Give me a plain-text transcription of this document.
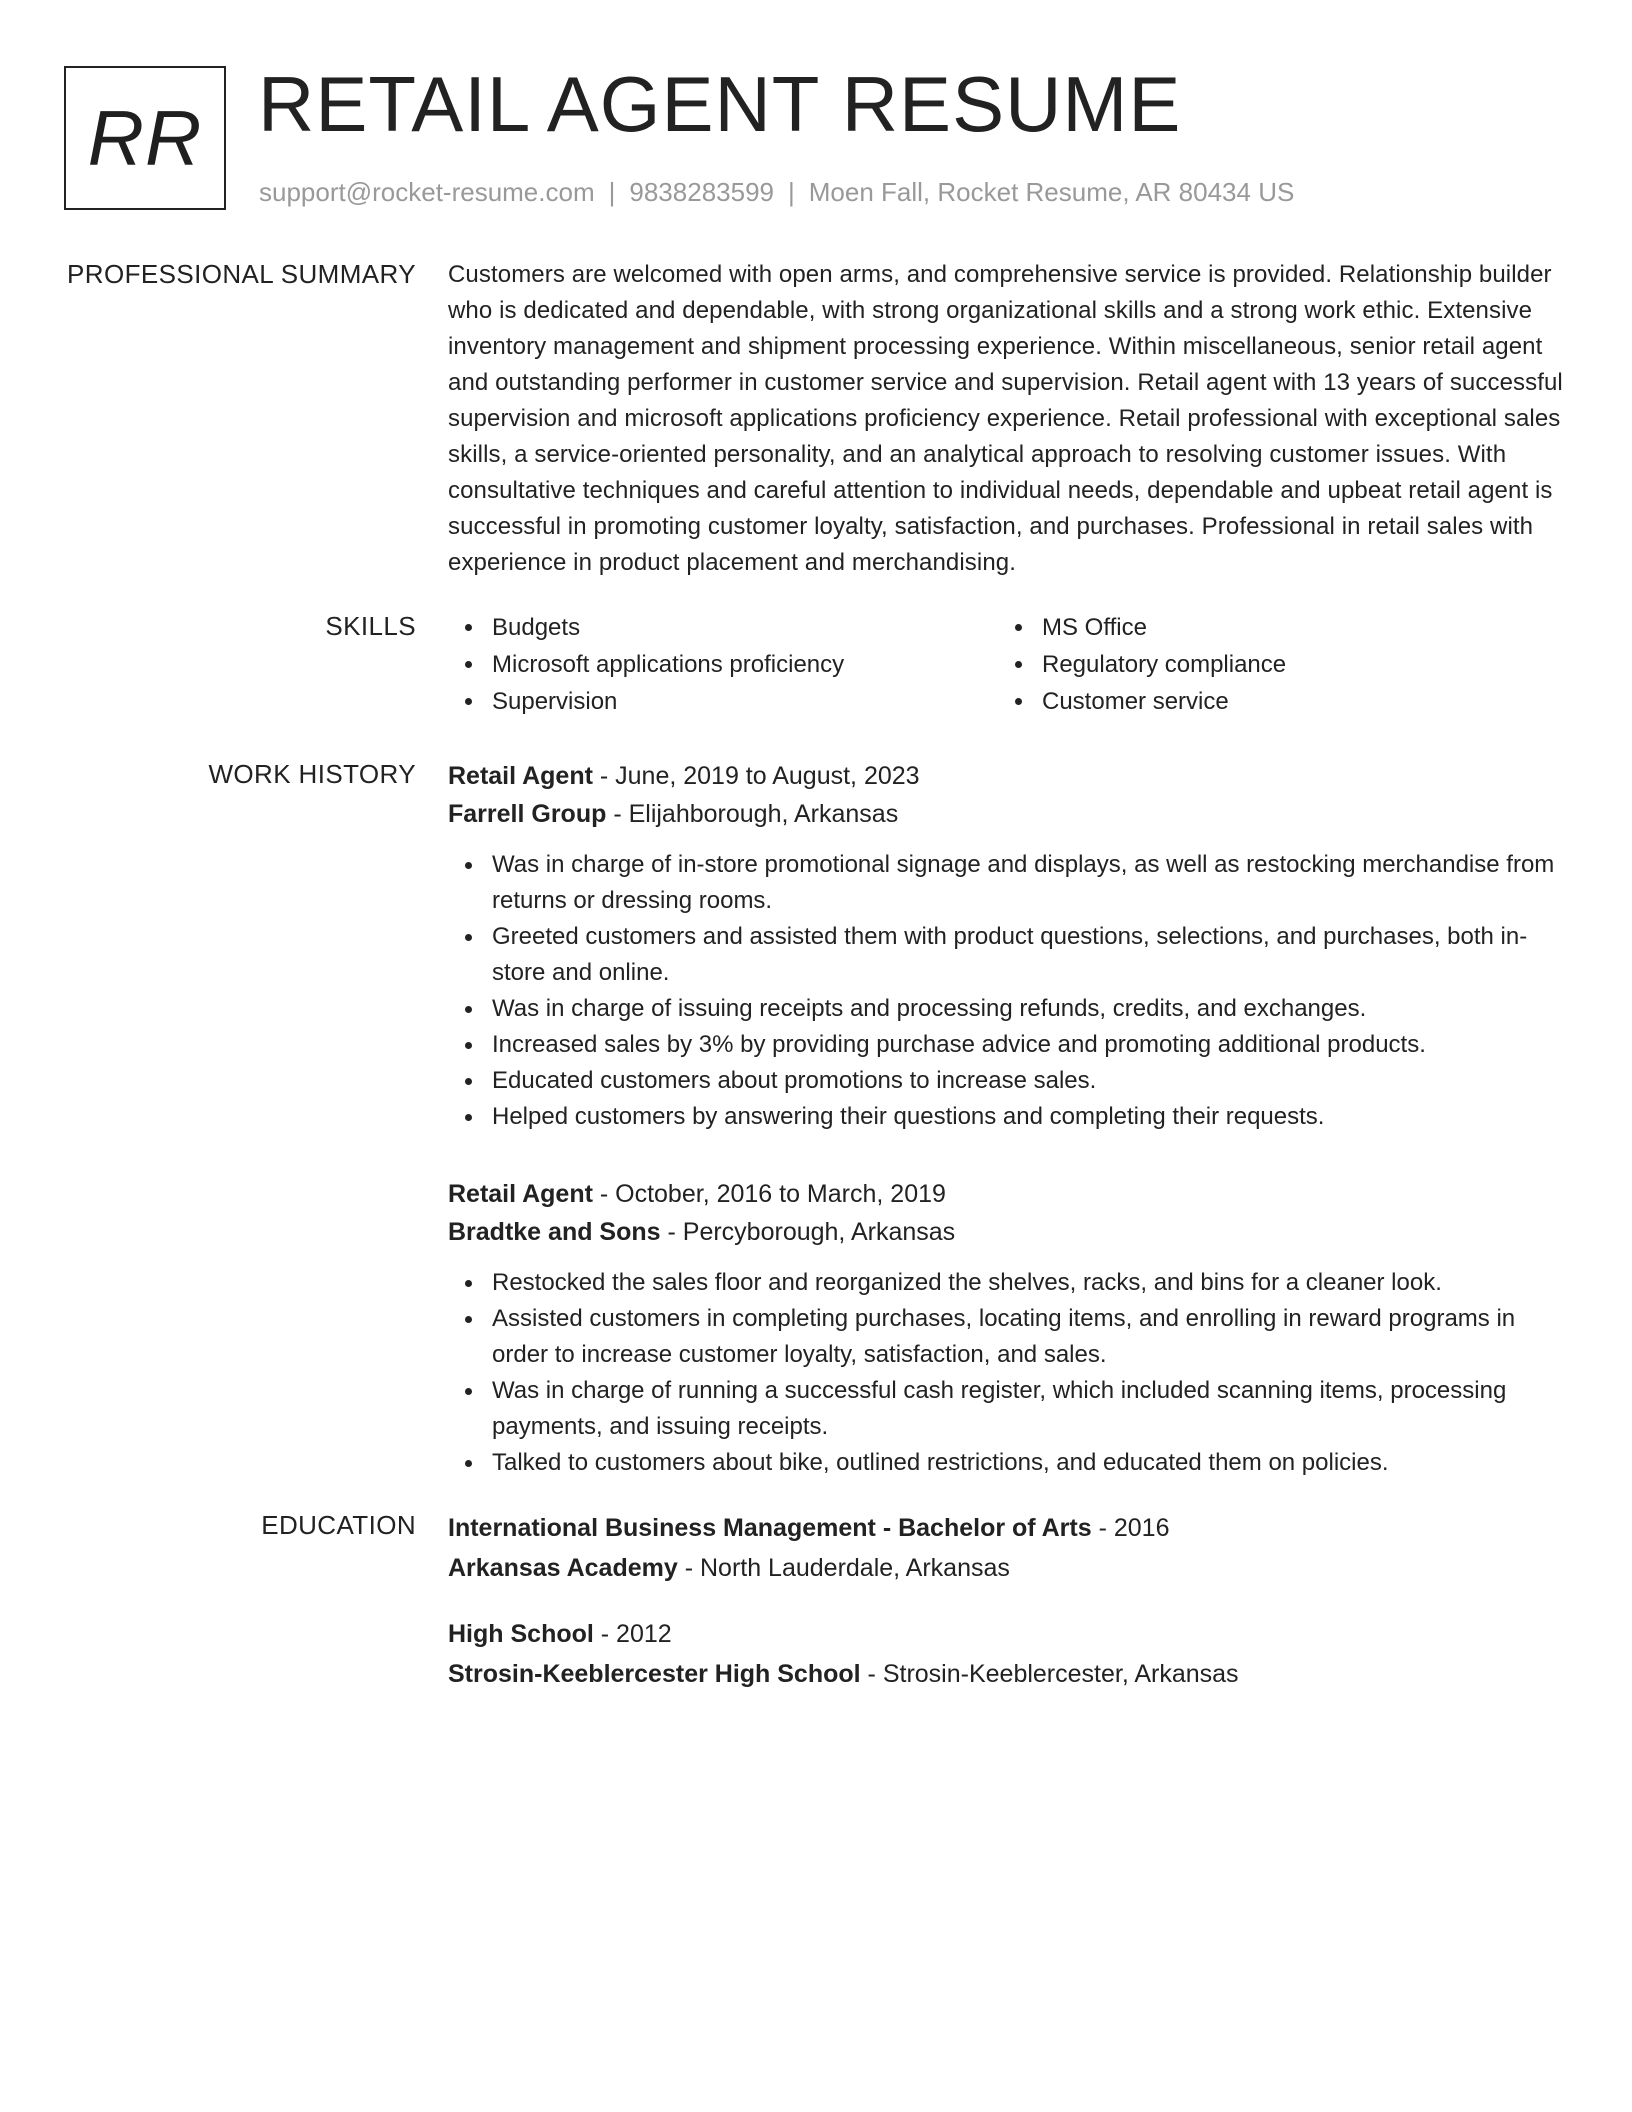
RR RETAIL AGENT RESUME
support@rocket-resume.com | 9838283599 | Moen Fall, Rocket Resume, AR 80434 US
PROFESSIONAL SUMMARY Customers are welcomed with open arms, and comprehensive service is provided. Relationship builder who is dedicated and dependable, with strong organizational skills and a strong work ethic. Extensive inventory management and shipment processing experience. Within miscellaneous, senior retail agent and outstanding performer in customer service and supervision. Retail agent with 13 years of successful supervision and microsoft applications proficiency experience. Retail professional with exceptional sales skills, a service-oriented personality, and an analytical approach to resolving customer issues. With consultative techniques and careful attention to individual needs, dependable and upbeat retail agent is successful in promoting customer loyalty, satisfaction, and purchases. Professional in retail sales with experience in product placement and merchandising.
SKILLS	Budgets
Microsoft applications proficiency
Supervision
MS Office
Regulatory compliance
Customer service
WORK HISTORY Retail Agent - June, 2019 to August, 2023
Farrell Group - Elijahborough, Arkansas
Was in charge of in-store promotional signage and displays, as well as restocking merchandise from returns or dressing rooms.
Greeted customers and assisted them with product questions, selections, and purchases, both in-store and online.
Was in charge of issuing receipts and processing refunds, credits, and exchanges.
Increased sales by 3% by providing purchase advice and promoting additional products.
Educated customers about promotions to increase sales.
Helped customers by answering their questions and completing their requests.
Retail Agent - October, 2016 to March, 2019
Bradtke and Sons - Percyborough, Arkansas
Restocked the sales floor and reorganized the shelves, racks, and bins for a cleaner look.
Assisted customers in completing purchases, locating items, and enrolling in reward programs in order to increase customer loyalty, satisfaction, and sales.
Was in charge of running a successful cash register, which included scanning items, processing payments, and issuing receipts.
Talked to customers about bike, outlined restrictions, and educated them on policies.
EDUCATION International Business Management - Bachelor of Arts - 2016
Arkansas Academy - North Lauderdale, Arkansas
High School - 2012
Strosin-Keeblercester High School - Strosin-Keeblercester, Arkansas
